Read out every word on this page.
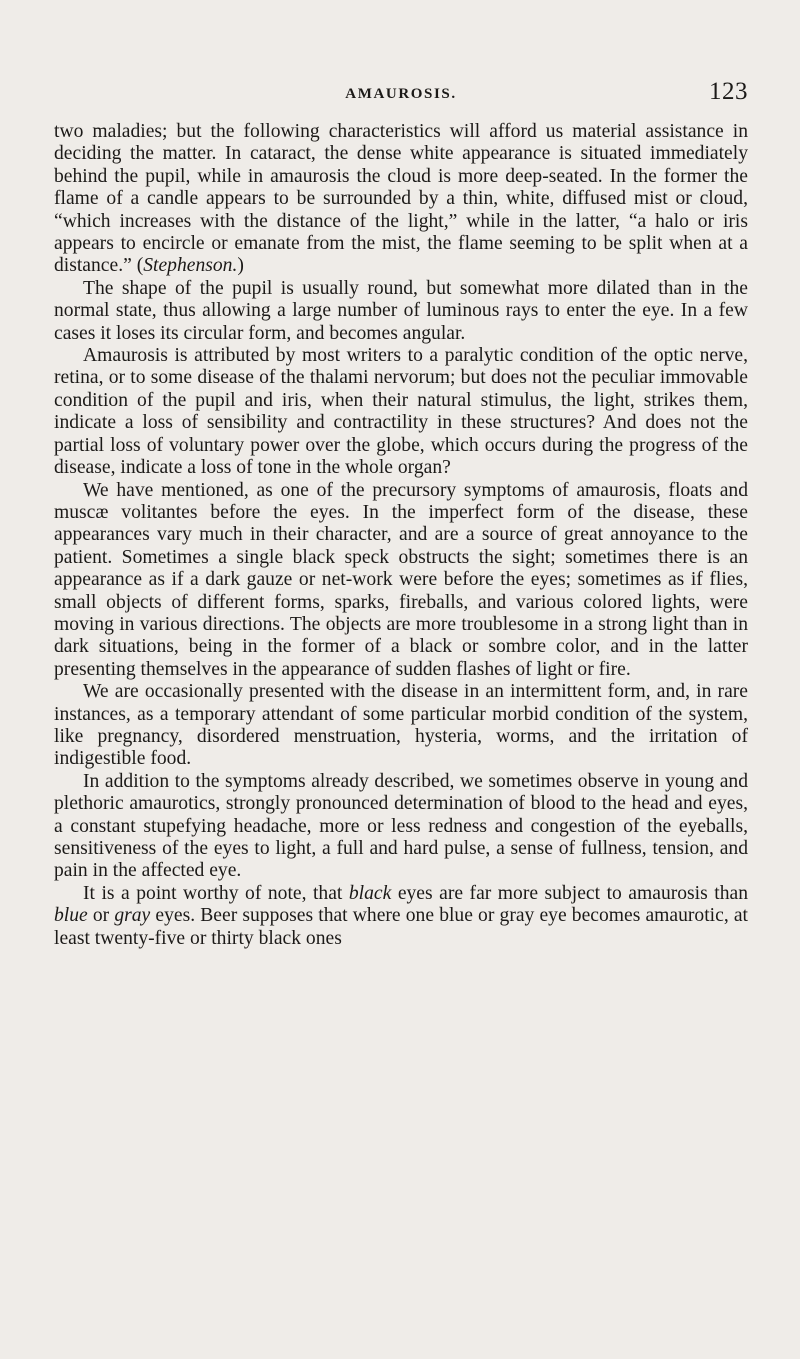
AMAUROSIS.	123

two maladies; but the following characteristics will afford us material assistance in deciding the matter. In cataract, the dense white appearance is situated immediately behind the pupil, while in amaurosis the cloud is more deep-seated. In the former the flame of a candle appears to be surrounded by a thin, white, diffused mist or cloud, “which increases with the distance of the light,” while in the latter, “a halo or iris appears to encircle or emanate from the mist, the flame seeming to be split when at a distance.” (Stephenson.)

The shape of the pupil is usually round, but somewhat more dilated than in the normal state, thus allowing a large number of luminous rays to enter the eye. In a few cases it loses its circular form, and becomes angular.

Amaurosis is attributed by most writers to a paralytic condition of the optic nerve, retina, or to some disease of the thalami nervorum; but does not the peculiar immovable condition of the pupil and iris, when their natural stimulus, the light, strikes them, indicate a loss of sensibility and contractility in these structures? And does not the partial loss of voluntary power over the globe, which occurs during the progress of the disease, indicate a loss of tone in the whole organ?

We have mentioned, as one of the precursory symptoms of amaurosis, floats and muscæ volitantes before the eyes. In the imperfect form of the disease, these appearances vary much in their character, and are a source of great annoyance to the patient. Sometimes a single black speck obstructs the sight; sometimes there is an appearance as if a dark gauze or net-work were before the eyes; sometimes as if flies, small objects of different forms, sparks, fireballs, and various colored lights, were moving in various directions. The objects are more troublesome in a strong light than in dark situations, being in the former of a black or sombre color, and in the latter presenting themselves in the appearance of sudden flashes of light or fire.

We are occasionally presented with the disease in an intermittent form, and, in rare instances, as a temporary attendant of some particular morbid condition of the system, like pregnancy, disordered menstruation, hysteria, worms, and the irritation of indigestible food.

In addition to the symptoms already described, we sometimes observe in young and plethoric amaurotics, strongly pronounced determination of blood to the head and eyes, a constant stupefying headache, more or less redness and congestion of the eyeballs, sensitiveness of the eyes to light, a full and hard pulse, a sense of fullness, tension, and pain in the affected eye.

It is a point worthy of note, that black eyes are far more subject to amaurosis than blue or gray eyes. Beer supposes that where one blue or gray eye becomes amaurotic, at least twenty-five or thirty black ones
